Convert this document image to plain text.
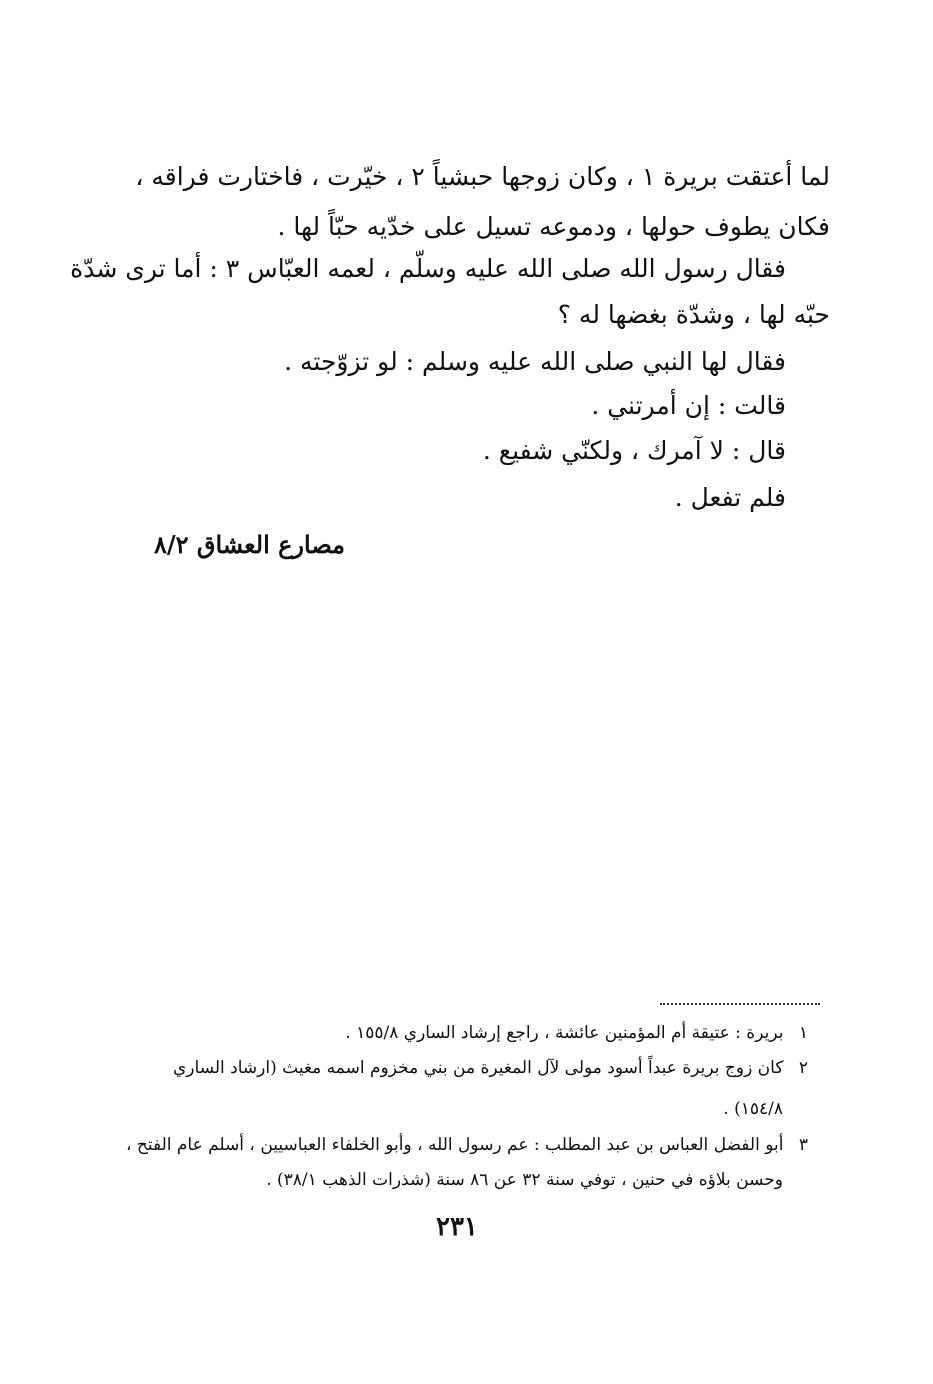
لما أعتقت بريرة ١ ، وكان زوجها حبشياً ٢ ، خيّرت ، فاختارت فراقه ،
فكان يطوف حولها ، ودموعه تسيل على خدّيه حبّاً لها .
فقال رسول الله صلى الله عليه وسلّم ، لعمه العبّاس ٣ : أما ترى شدّة
حبّه لها ، وشدّة بغضها له ؟
فقال لها النبي صلى الله عليه وسلم : لو تزوّجته .
قالت : إن أمرتني .
قال : لا آمرك ، ولكنّي شفيع .
فلم تفعل .
مصارع العشاق ٨/٢
١ بريرة : عتيقة أم المؤمنين عائشة ، راجع إرشاد الساري ١٥٥/٨ .
٢ كان زوج بريرة عبداً أسود مولى لآل المغيرة من بني مخزوم اسمه مغيث (ارشاد الساري
١٥٤/٨) .
٣ أبو الفضل العباس بن عبد المطلب : عم رسول الله ، وأبو الخلفاء العباسيين ، أسلم عام الفتح ،
وحسن بلاؤه في حنين ، توفي سنة ٣٢ عن ٨٦ سنة (شذرات الذهب ٣٨/١) .
٢٣١
